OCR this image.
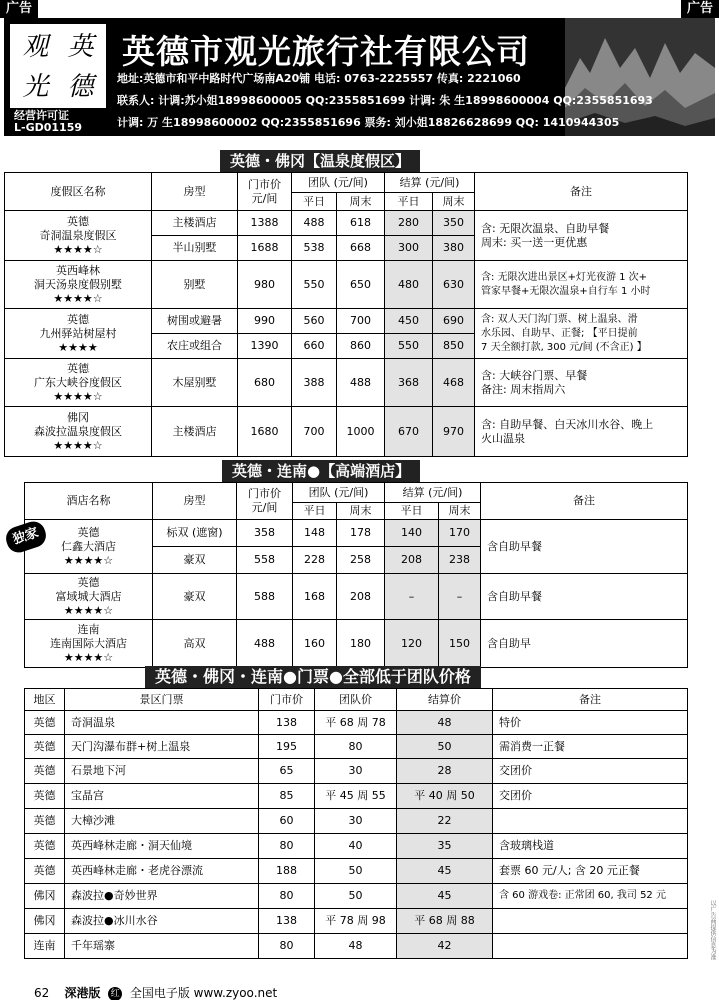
广告	广告
观 英
光 德
经营许可证
L-GD01159
英德市观光旅行社有限公司
地址:英德市和平中路时代广场南A20铺 电话: 0763-2225557 传真: 2221060
联系人: 计调:苏小姐18998600005 QQ:2355851699 计调: 朱 生18998600004 QQ:2355851693
计调: 万 生18998600002 QQ:2355851696 票务: 刘小姐18826628699 QQ: 1410944305
英德・佛冈【温泉度假区】
度假区名称	房型	门市价
元/间	团队 (元/间)		结算 (元/间)		备注
			平日	周末	平日	周末	
英德
奇洞温泉度假区
★★★★☆	主楼酒店	1388	488	618	280	350	含: 无限次温泉、自助早餐
周末: 买一送一更优惠
	半山别墅	1688	538	668	300	380	
英西峰林
洞天汤泉度假别墅
★★★★☆	别墅	980	550	650	480	630	含: 无限次进出景区+灯光夜游 1 次+
管家早餐+无限次温泉+自行车 1 小时
英德
九州驿站树屋村
★★★★	树围或避暑	990	560	700	450	690	含: 双人天门沟门票、树上温泉、滑
水乐园、自助早、正餐; 【平日提前
7 天全额打款, 300 元/间 (不含正) 】
	农庄或组合	1390	660	860	550	850	
英德
广东大峡谷度假区
★★★★☆	木屋别墅	680	388	488	368	468	含: 大峡谷门票、早餐
备注: 周末指周六
佛冈
森波拉温泉度假区
★★★★☆	主楼酒店	1680	700	1000	670	970	含: 自助早餐、白天冰川水谷、晚上
火山温泉
英德・连南●【高端酒店】
独家
酒店名称	房型	门市价
元/间	团队 (元/间)		结算 (元/间)		备注
			平日	周末	平日	周末	
英德
仁鑫大酒店
★★★★☆	标双 (遮窗)	358	148	178	140	170	含自助早餐
	豪双	558	228	258	208	238	
英德
富域城大酒店
★★★★☆	豪双	588	168	208	–	–	含自助早餐
连南
连南国际大酒店
★★★★☆	高双	488	160	180	120	150	含自助早
英德・佛冈・连南●门票●全部低于团队价格
地区	景区门票	门市价	团队价	结算价	备注
英德	奇洞温泉	138	平 68 周 78	48	特价
英德	天门沟瀑布群+树上温泉	195	80	50	需消费一正餐
英德	石景地下河	65	30	28	交团价
英德	宝晶宫	85	平 45 周 55	平 40 周 50	交团价
英德	大樟沙滩	60	30	22	
英德	英西峰林走廊・洞天仙境	80	40	35	含玻璃栈道
英德	英西峰林走廊・老虎谷漂流	188	50	45	套票 60 元/人; 含 20 元正餐
佛冈	森波拉●奇妙世界	80	50	45	含 60 游戏卷: 正常团 60, 我司 52 元
佛冈	森波拉●冰川水谷	138	平 78 周 98	平 68 周 88	
连南	千年瑶寨	80	48	42		以广告商提供信息为准
62 深港版 红 全国电子版 www.zyoo.net
